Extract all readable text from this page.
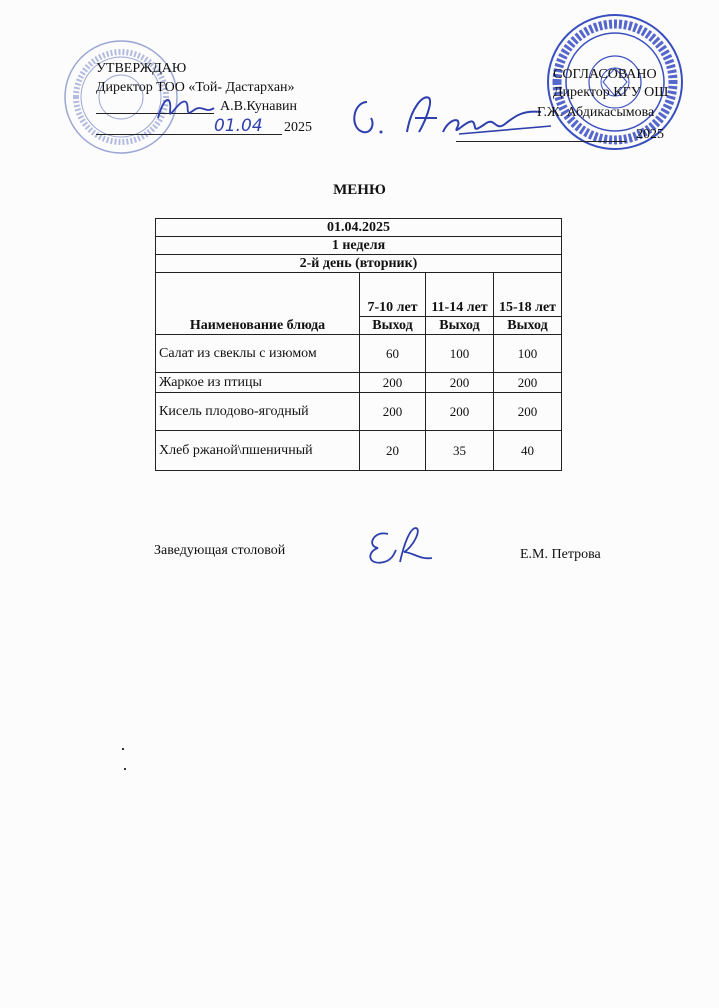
УТВЕРЖДАЮ
Директор ТОО «Той- Дастархан»
А.В.Кунавин
01.04 2025
СОГЛАСОВАНО
Директор КГУ ОШ
Г.Ж. Абдикасымова
2025
МЕНЮ
01.04.2025			
1 неделя			
2-й день (вторник)			
Наименование блюда	7-10 лет	11-14 лет	15-18 лет
	Выход	Выход	Выход
Салат из свеклы с изюмом	60	100	100
Жаркое из птицы	200	200	200
Кисель плодово-ягодный	200	200	200
Хлеб ржаной\пшеничный	20	35	40
Заведующая столовой	Е.М. Петрова
